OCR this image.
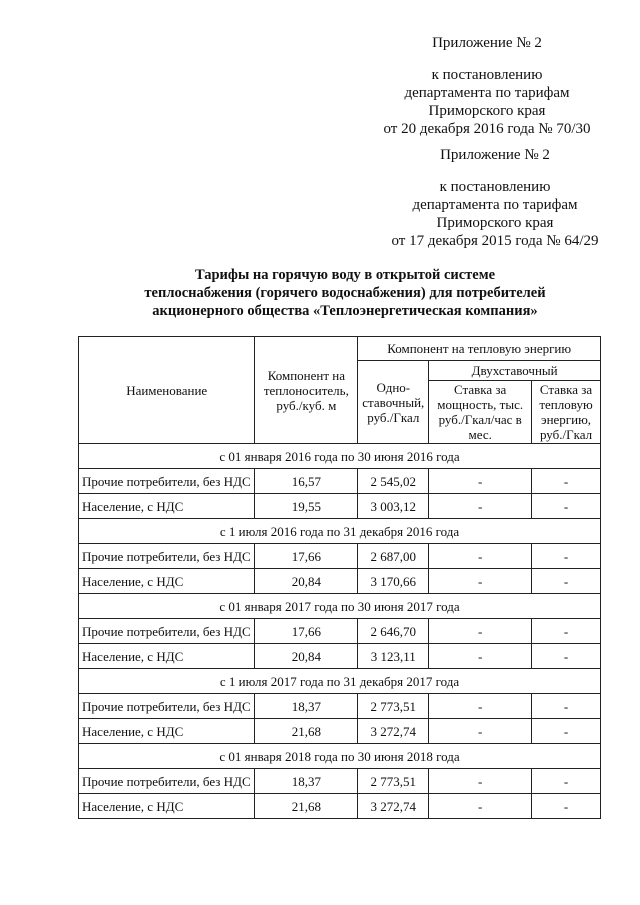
Приложение № 2
к постановлению
департамента по тарифам
Приморского края
от 20 декабря 2016 года № 70/30
Приложение № 2
к постановлению
департамента по тарифам
Приморского края
от 17 декабря 2015 года № 64/29
Тарифы на горячую воду в открытой системе
теплоснабжения (горячего водоснабжения) для потребителей
акционерного общества «Теплоэнергетическая компания»
Наименование	Компонент на теплоноситель, руб./куб. м	Компонент на тепловую энергию		
		Одно-ставочный, руб./Гкал	Двухставочный	
			Ставка за мощность, тыс. руб./Гкал/час в мес.	Ставка за тепловую энергию, руб./Гкал
с 01 января 2016 года по 30 июня 2016 года				
Прочие потребители, без НДС	16,57	2 545,02	-	-
Население, с НДС	19,55	3 003,12	-	-
с 1 июля 2016 года по 31 декабря 2016 года				
Прочие потребители, без НДС	17,66	2 687,00	-	-
Население, с НДС	20,84	3 170,66	-	-
с 01 января 2017 года по 30 июня 2017 года				
Прочие потребители, без НДС	17,66	2 646,70	-	-
Население, с НДС	20,84	3 123,11	-	-
с 1 июля 2017 года по 31 декабря 2017 года				
Прочие потребители, без НДС	18,37	2 773,51	-	-
Население, с НДС	21,68	3 272,74	-	-
с 01 января 2018 года по 30 июня 2018 года				
Прочие потребители, без НДС	18,37	2 773,51	-	-
Население, с НДС	21,68	3 272,74	-	-
